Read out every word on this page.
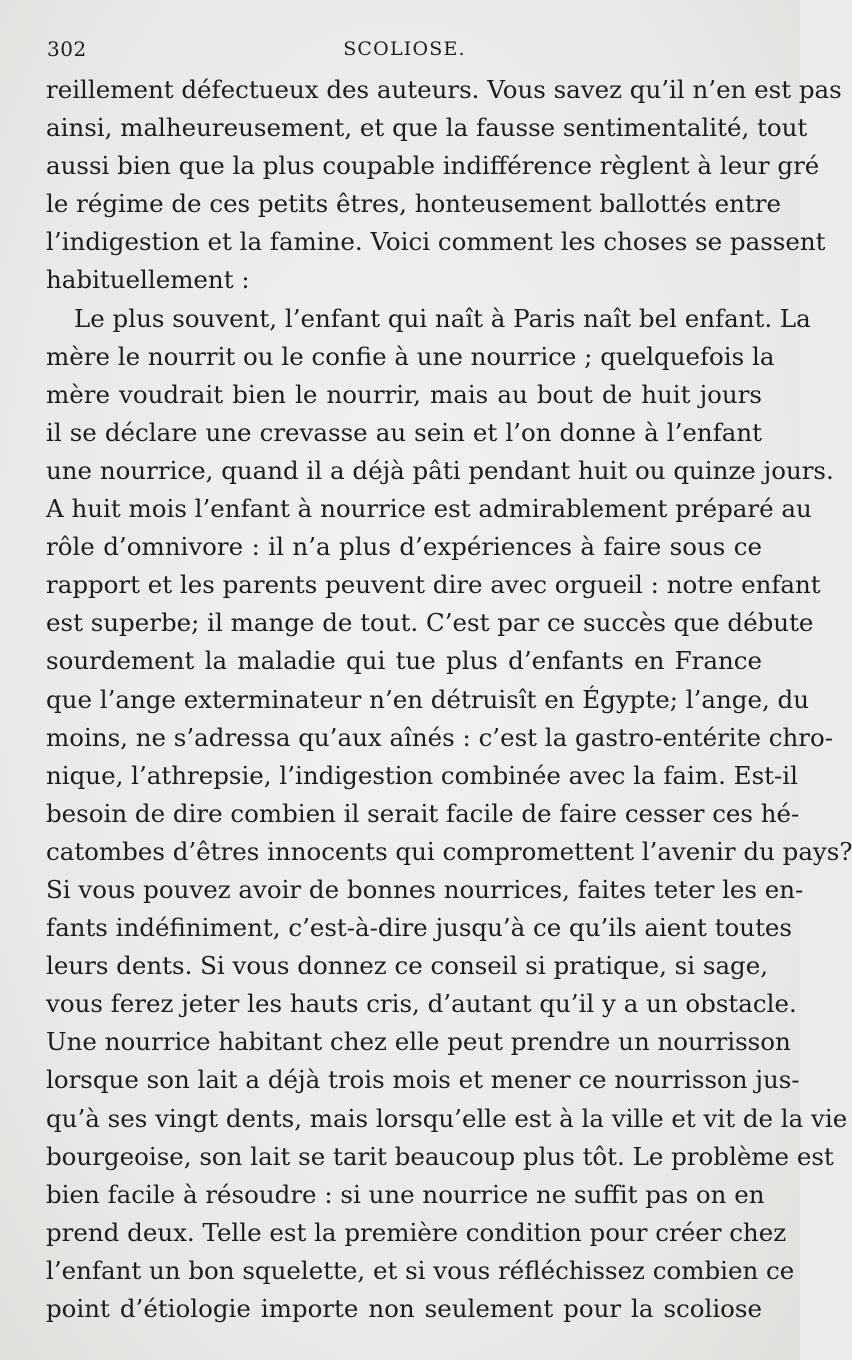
302	SCOLIOSE.
reillement défectueux des auteurs. Vous savez qu’il n’en est pas
ainsi, malheureusement, et que la fausse sentimentalité, tout
aussi bien que la plus coupable indifférence règlent à leur gré
le régime de ces petits êtres, honteusement ballottés entre
l’indigestion et la famine. Voici comment les choses se passent
habituellement :
Le plus souvent, l’enfant qui naît à Paris naît bel enfant. La
mère le nourrit ou le confie à une nourrice ; quelquefois la
mère voudrait bien le nourrir, mais au bout de huit jours
il se déclare une crevasse au sein et l’on donne à l’enfant
une nourrice, quand il a déjà pâti pendant huit ou quinze jours.
A huit mois l’enfant à nourrice est admirablement préparé au
rôle d’omnivore : il n’a plus d’expériences à faire sous ce
rapport et les parents peuvent dire avec orgueil : notre enfant
est superbe; il mange de tout. C’est par ce succès que débute
sourdement la maladie qui tue plus d’enfants en France
que l’ange exterminateur n’en détruisît en Égypte; l’ange, du
moins, ne s’adressa qu’aux aînés : c’est la gastro-entérite chro-
nique, l’athrepsie, l’indigestion combinée avec la faim. Est-il
besoin de dire combien il serait facile de faire cesser ces hé-
catombes d’êtres innocents qui compromettent l’avenir du pays?
Si vous pouvez avoir de bonnes nourrices, faites teter les en-
fants indéfiniment, c’est-à-dire jusqu’à ce qu’ils aient toutes
leurs dents. Si vous donnez ce conseil si pratique, si sage,
vous ferez jeter les hauts cris, d’autant qu’il y a un obstacle.
Une nourrice habitant chez elle peut prendre un nourrisson
lorsque son lait a déjà trois mois et mener ce nourrisson jus-
qu’à ses vingt dents, mais lorsqu’elle est à la ville et vit de la vie
bourgeoise, son lait se tarit beaucoup plus tôt. Le problème est
bien facile à résoudre : si une nourrice ne suffit pas on en
prend deux. Telle est la première condition pour créer chez
l’enfant un bon squelette, et si vous réfléchissez combien ce
point d’étiologie importe non seulement pour la scoliose
